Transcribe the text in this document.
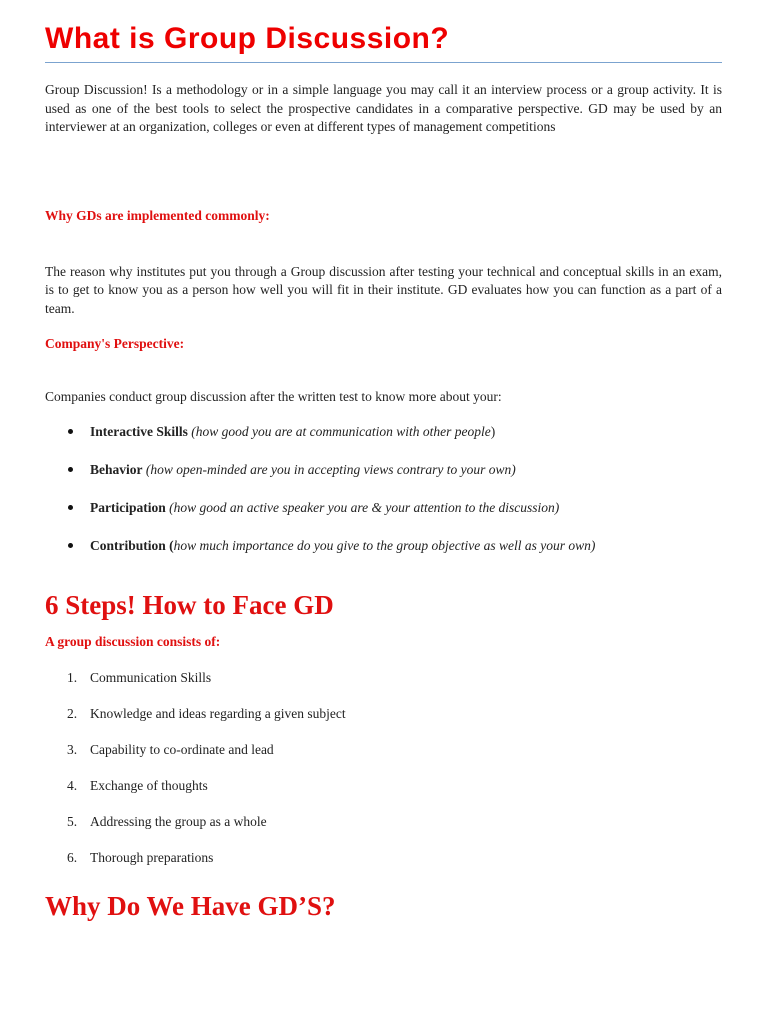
What is Group Discussion?

Group Discussion! Is a methodology or in a simple language you may call it an interview process or a group activity. It is used as one of the best tools to select the prospective candidates in a comparative perspective. GD may be used by an interviewer at an organization, colleges or even at different types of management competitions

Why GDs are implemented commonly:

The reason why institutes put you through a Group discussion after testing your technical and conceptual skills in an exam, is to get to know you as a person how well you will fit in their institute. GD evaluates how you can function as a part of a team.

Company's Perspective:

Companies conduct group discussion after the written test to know more about your:

Interactive Skills (how good you are at communication with other people)
Behavior (how open-minded are you in accepting views contrary to your own)
Participation (how good an active speaker you are & your attention to the discussion)
Contribution (how much importance do you give to the group objective as well as your own)
6 Steps! How to Face GD

A group discussion consists of:

1. Communication Skills
2. Knowledge and ideas regarding a given subject
3. Capability to co-ordinate and lead
4. Exchange of thoughts
5. Addressing the group as a whole
6. Thorough preparations
Why Do We Have GD’S?
